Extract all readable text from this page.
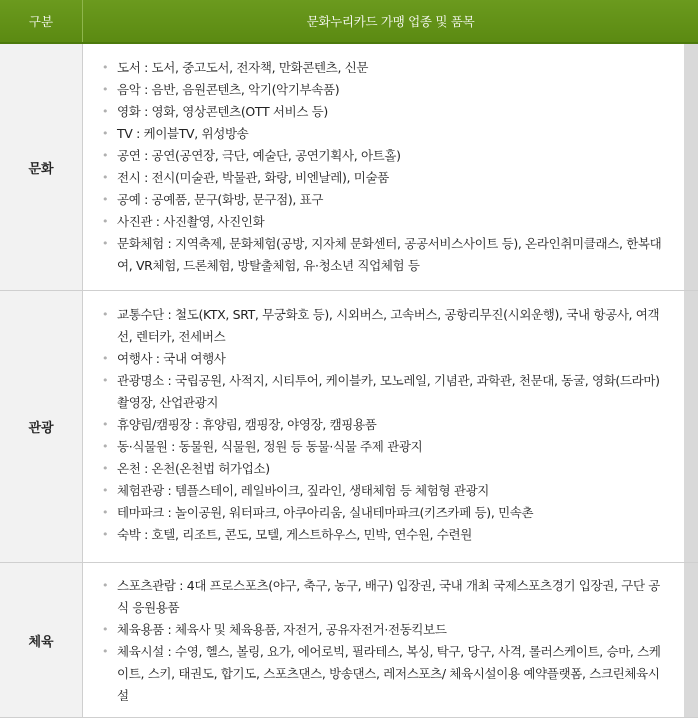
구분	문화누리카드 가맹 업종 및 품목
문화
• 도서 : 도서, 중고도서, 전자책, 만화콘텐츠, 신문
• 음악 : 음반, 음원콘텐츠, 악기(악기부속품)
• 영화 : 영화, 영상콘텐츠(OTT 서비스 등)
• TV : 케이블TV, 위성방송
• 공연 : 공연(공연장, 극단, 예술단, 공연기획사, 아트홀)
• 전시 : 전시(미술관, 박물관, 화랑, 비엔날레), 미술품
• 공예 : 공예품, 문구(화방, 문구점), 표구
• 사진관 : 사진촬영, 사진인화
• 문화체험 : 지역축제, 문화체험(공방, 지자체 문화센터, 공공서비스사이트 등), 온라인취미클래스, 한복대여, VR체험, 드론체험, 방탈출체험, 유·청소년 직업체험 등
관광
• 교통수단 : 철도(KTX, SRT, 무궁화호 등), 시외버스, 고속버스, 공항리무진(시외운행), 국내 항공사, 여객선, 렌터카, 전세버스
• 여행사 : 국내 여행사
• 관광명소 : 국립공원, 사적지, 시티투어, 케이블카, 모노레일, 기념관, 과학관, 천문대, 동굴, 영화(드라마) 촬영장, 산업관광지
• 휴양림/캠핑장 : 휴양림, 캠핑장, 야영장, 캠핑용품
• 동·식물원 : 동물원, 식물원, 정원 등 동물·식물 주제 관광지
• 온천 : 온천(온천법 허가업소)
• 체험관광 : 템플스테이, 레일바이크, 짚라인, 생태체험 등 체험형 관광지
• 테마파크 : 놀이공원, 워터파크, 아쿠아리움, 실내테마파크(키즈카페 등), 민속촌
• 숙박 : 호텔, 리조트, 콘도, 모텔, 게스트하우스, 민박, 연수원, 수련원
체육
• 스포츠관람 : 4대 프로스포츠(야구, 축구, 농구, 배구) 입장권, 국내 개최 국제스포츠경기 입장권, 구단 공식 응원용품
• 체육용품 : 체육사 및 체육용품, 자전거, 공유자전거·전동킥보드
• 체육시설 : 수영, 헬스, 볼링, 요가, 에어로빅, 필라테스, 복싱, 탁구, 당구, 사격, 롤러스케이트, 승마, 스케이트, 스키, 태권도, 합기도, 스포츠댄스, 방송댄스, 레저스포츠/ 체육시설이용 예약플랫폼, 스크린체육시설
